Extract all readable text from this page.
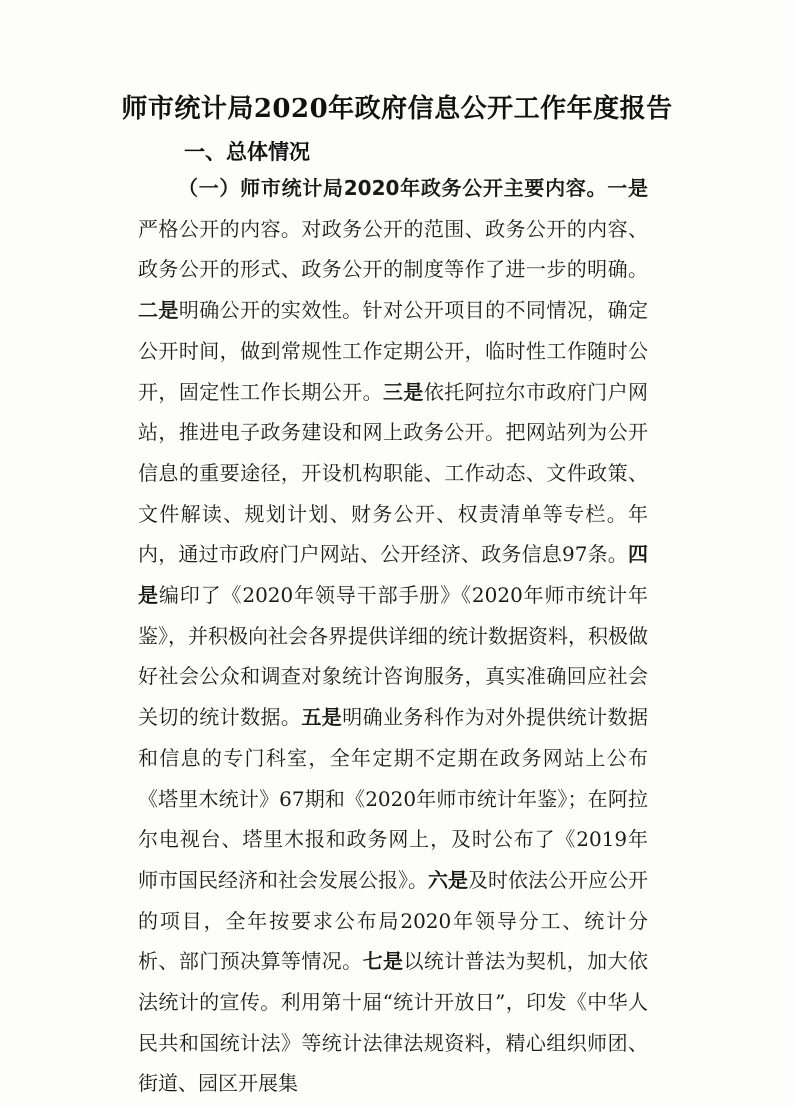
师市统计局2020年政府信息公开工作年度报告
一、总体情况

（一）师市统计局2020年政务公开主要内容。一是严格公开的内容。对政务公开的范围、政务公开的内容、政务公开的形式、政务公开的制度等作了进一步的明确。二是明确公开的实效性。针对公开项目的不同情况，确定公开时间，做到常规性工作定期公开，临时性工作随时公开，固定性工作长期公开。三是依托阿拉尔市政府门户网站，推进电子政务建设和网上政务公开。把网站列为公开信息的重要途径，开设机构职能、工作动态、文件政策、文件解读、规划计划、财务公开、权责清单等专栏。年内，通过市政府门户网站、公开经济、政务信息97条。四是编印了《2020年领导干部手册》《2020年师市统计年鉴》，并积极向社会各界提供详细的统计数据资料，积极做好社会公众和调查对象统计咨询服务，真实准确回应社会关切的统计数据。五是明确业务科作为对外提供统计数据和信息的专门科室，全年定期不定期在政务网站上公布《塔里木统计》67期和《2020年师市统计年鉴》；在阿拉尔电视台、塔里木报和政务网上，及时公布了《2019年师市国民经济和社会发展公报》。六是及时依法公开应公开的项目，全年按要求公布局2020年领导分工、统计分析、部门预决算等情况。七是以统计普法为契机，加大依法统计的宣传。利用第十届“统计开放日”，印发《中华人民共和国统计法》等统计法律法规资料，精心组织师团、街道、园区开展集
